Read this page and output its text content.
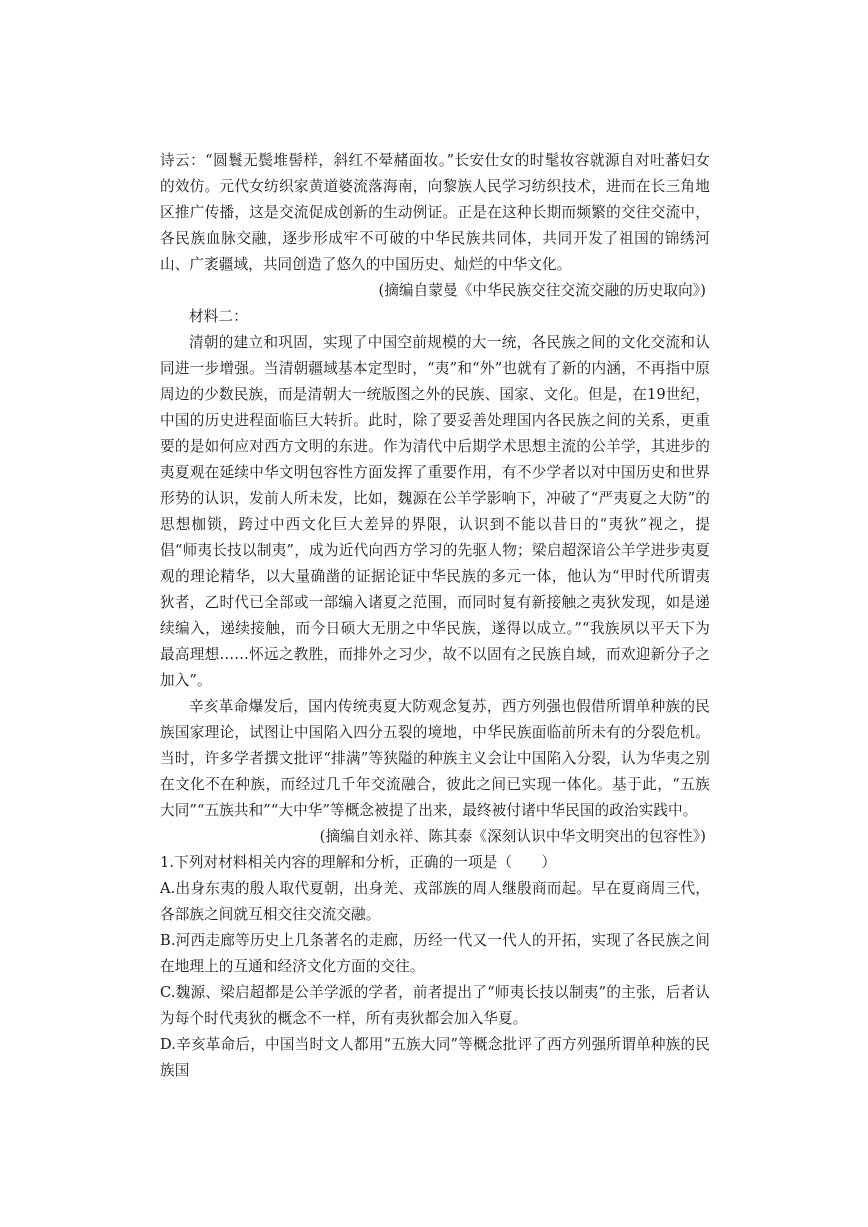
诗云：“圆鬟无鬓堆髻样，斜红不晕赭面妆。”长安仕女的时髦妆容就源自对吐蕃妇女的效仿。元代女纺织家黄道婆流落海南，向黎族人民学习纺织技术，进而在长三角地区推广传播，这是交流促成创新的生动例证。正是在这种长期而频繁的交往交流中，各民族血脉交融，逐步形成牢不可破的中华民族共同体，共同开发了祖国的锦绣河山、广袤疆域，共同创造了悠久的中国历史、灿烂的中华文化。

(摘编自蒙曼《中华民族交往交流交融的历史取向》)

材料二：

清朝的建立和巩固，实现了中国空前规模的大一统，各民族之间的文化交流和认同进一步增强。当清朝疆域基本定型时，“夷”和“外”也就有了新的内涵，不再指中原周边的少数民族，而是清朝大一统版图之外的民族、国家、文化。但是，在19世纪，中国的历史进程面临巨大转折。此时，除了要妥善处理国内各民族之间的关系，更重要的是如何应对西方文明的东进。作为清代中后期学术思想主流的公羊学，其进步的夷夏观在延续中华文明包容性方面发挥了重要作用，有不少学者以对中国历史和世界形势的认识，发前人所未发，比如，魏源在公羊学影响下，冲破了“严夷夏之大防”的思想枷锁，跨过中西文化巨大差异的界限，认识到不能以昔日的“夷狄”视之，提倡“师夷长技以制夷”，成为近代向西方学习的先驱人物；梁启超深谙公羊学进步夷夏观的理论精华，以大量确凿的证据论证中华民族的多元一体，他认为“甲时代所谓夷狄者，乙时代已全部或一部编入诸夏之范围，而同时复有新接触之夷狄发现，如是递续编入，递续接触，而今日硕大无朋之中华民族，遂得以成立。”“我族夙以平天下为最高理想……怀远之教胜，而排外之习少，故不以固有之民族自域，而欢迎新分子之加入”。

辛亥革命爆发后，国内传统夷夏大防观念复苏，西方列强也假借所谓单种族的民族国家理论，试图让中国陷入四分五裂的境地，中华民族面临前所未有的分裂危机。当时，许多学者撰文批评“排满”等狭隘的种族主义会让中国陷入分裂，认为华夷之别在文化不在种族，而经过几千年交流融合，彼此之间已实现一体化。基于此，“五族大同”“五族共和”“大中华”等概念被提了出来，最终被付诸中华民国的政治实践中。

(摘编自刘永祥、陈其泰《深刻认识中华文明突出的包容性》)

1.下列对材料相关内容的理解和分析，正确的一项是（　　）

A.出身东夷的殷人取代夏朝，出身羌、戎部族的周人继殷商而起。早在夏商周三代，各部族之间就互相交往交流交融。

B.河西走廊等历史上几条著名的走廊，历经一代又一代人的开拓，实现了各民族之间在地理上的互通和经济文化方面的交往。

C.魏源、梁启超都是公羊学派的学者，前者提出了“师夷长技以制夷”的主张，后者认为每个时代夷狄的概念不一样，所有夷狄都会加入华夏。

D.辛亥革命后，中国当时文人都用“五族大同”等概念批评了西方列强所谓单种族的民族国
